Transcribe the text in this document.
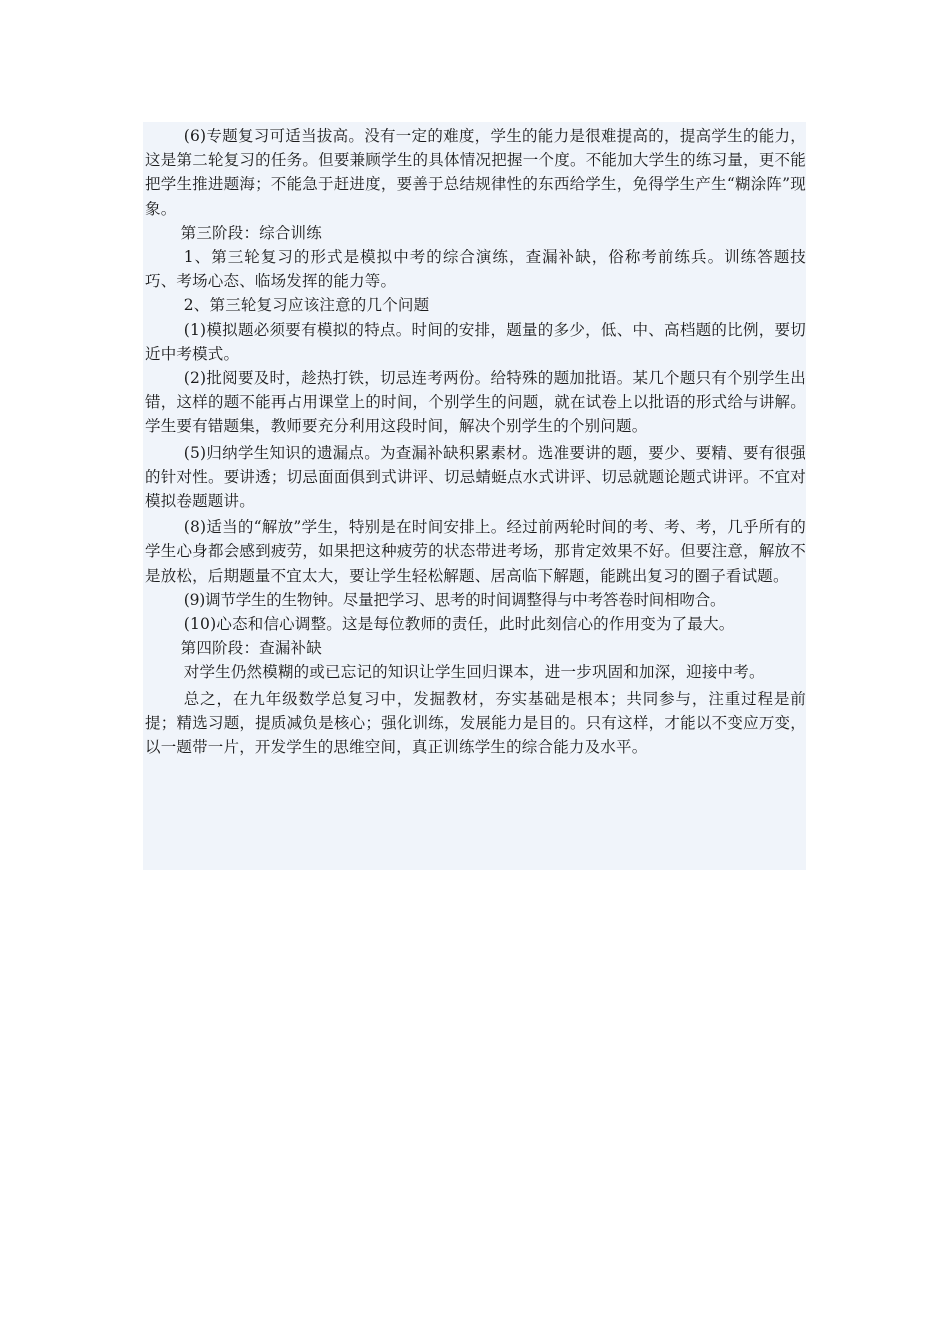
(6)专题复习可适当拔高。没有一定的难度，学生的能力是很难提高的，提高学生的能力，这是第二轮复习的任务。但要兼顾学生的具体情况把握一个度。不能加大学生的练习量，更不能把学生推进题海；不能急于赶进度，要善于总结规律性的东西给学生，免得学生产生“糊涂阵”现象。

第三阶段：综合训练

1、第三轮复习的形式是模拟中考的综合演练，查漏补缺，俗称考前练兵。训练答题技巧、考场心态、临场发挥的能力等。

2、第三轮复习应该注意的几个问题

(1)模拟题必须要有模拟的特点。时间的安排，题量的多少，低、中、高档题的比例，要切近中考模式。

(2)批阅要及时，趁热打铁，切忌连考两份。给特殊的题加批语。某几个题只有个别学生出错，这样的题不能再占用课堂上的时间，个别学生的问题，就在试卷上以批语的形式给与讲解。学生要有错题集，教师要充分利用这段时间，解决个别学生的个别问题。

(5)归纳学生知识的遗漏点。为查漏补缺积累素材。选准要讲的题，要少、要精、要有很强的针对性。要讲透；切忌面面俱到式讲评、切忌蜻蜓点水式讲评、切忌就题论题式讲评。不宜对模拟卷题题讲。

(8)适当的“解放”学生，特别是在时间安排上。经过前两轮时间的考、考、考，几乎所有的学生心身都会感到疲劳，如果把这种疲劳的状态带进考场，那肯定效果不好。但要注意，解放不是放松，后期题量不宜太大，要让学生轻松解题、居高临下解题，能跳出复习的圈子看试题。

(9)调节学生的生物钟。尽量把学习、思考的时间调整得与中考答卷时间相吻合。

(10)心态和信心调整。这是每位教师的责任，此时此刻信心的作用变为了最大。

第四阶段：查漏补缺

对学生仍然模糊的或已忘记的知识让学生回归课本，进一步巩固和加深，迎接中考。

总之，在九年级数学总复习中，发掘教材，夯实基础是根本；共同参与，注重过程是前提；精选习题，提质减负是核心；强化训练，发展能力是目的。只有这样，才能以不变应万变，以一题带一片，开发学生的思维空间，真正训练学生的综合能力及水平。
